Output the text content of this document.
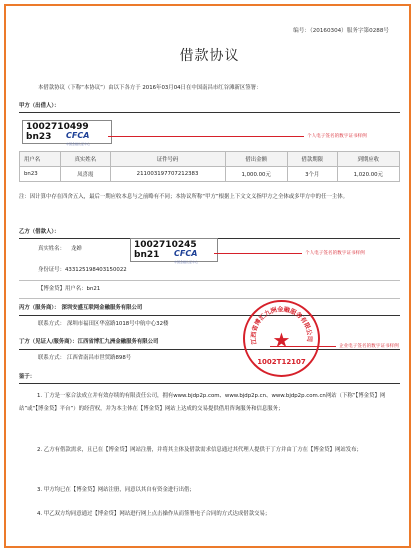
编号：（20160304）服务字第0288号
借款协议
本借款协议（下称“本协议”）由以下各方于 2016年03月04日在中国南昌市红谷滩新区签署：
甲方（出借人）：
1002710499
bn23 CFCA
中国金融认证中心
个人电子签名的数字证书样例
用户名	真实姓名	证件号码	借出金额	借款期限	到期应收
bn23	凤喜霞	211003197707212383	1,000.00元	3个月	1,020.00元
注：因计算中存在四舍五入，最后一期应收本息与之前略有不同；本协议所称“甲方”根据上下文文义指甲方之全体或多甲方中的任一主体。
乙方（借款人）：
真实姓名： 龙婵	1002710245
bn21 CFCA
中国金融认证中心
个人电子签名的数字证书样例
身份证号：433125198403150022
【博金贷】用户名：bn21
丙方（服务商）： 深圳安盛互联网金融服务有限公司
联系方式： 深圳市福田区华富路1018号中航中心32楼
丁方（见证人/服务商）：江西省博汇九洲金融服务有限公司
企业电子签名的数字证书样例
联系方式： 江西省南昌市世贸路898号
江西省博汇九洲金融服务有限公司
★
1002T12107
鉴于：
1. 丁方是一家合法成立并有效存续的有限责任公司，拥有www.bjdp2p.com、www.bjdp2p.cn、www.bjdp2p.com.cn网站（下称“【博金贷】网站”或“【博金贷】平台”）的经营权，并为本主体在【博金贷】网站上达成的交易提供借用咨询服务和信息服务；
2. 乙方有借款需求，且已在【博金贷】网站注册，并将其主体及借款需求信息通过其代理人提供于丁方并由丁方在【博金贷】网站发布；
3. 甲方均已在【博金贷】网站注册，同意以其自有资金进行出借；
4. 甲乙双方均同意通过【博金贷】网站进行网上点击操作从而签署电子合同的方式达成借款交易；
